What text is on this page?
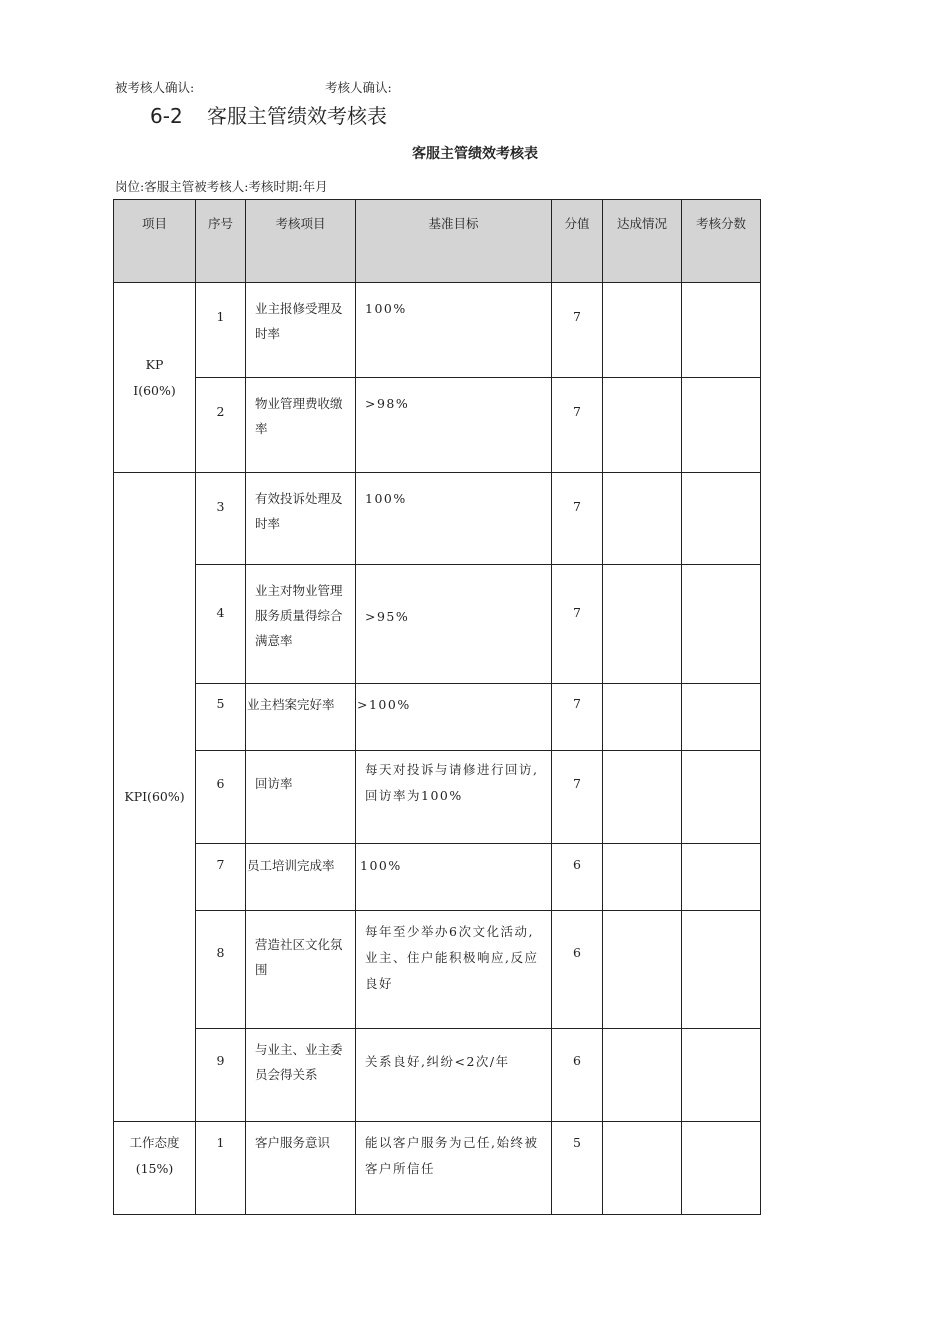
被考核人确认:	考核人确认:
6-2 客服主管绩效考核表
客服主管绩效考核表
岗位:客服主管被考核人:考核时期:年月
项目	序号	考核项目	基准目标	分值	达成情况	考核分数
KP I(60%)	1	业主报修受理及时率	100%	7		
	2	物业管理费收缴率	>98%	7		
KPI(60%)	3	有效投诉处理及时率	100%	7		
	4	业主对物业管理服务质量得综合满意率	>95%	7		
	5	业主档案完好率	>100%	7		
	6	回访率	每天对投诉与请修进行回访,回访率为100%	7		
	7	员工培训完成率	100%	6		
	8	营造社区文化氛围	每年至少举办6次文化活动,业主、住户能积极响应,反应良好	6		
	9	与业主、业主委员会得关系	关系良好,纠纷<2次/年	6		
工作态度(15%)	1	客户服务意识	能以客户服务为己任,始终被客户所信任	5		
